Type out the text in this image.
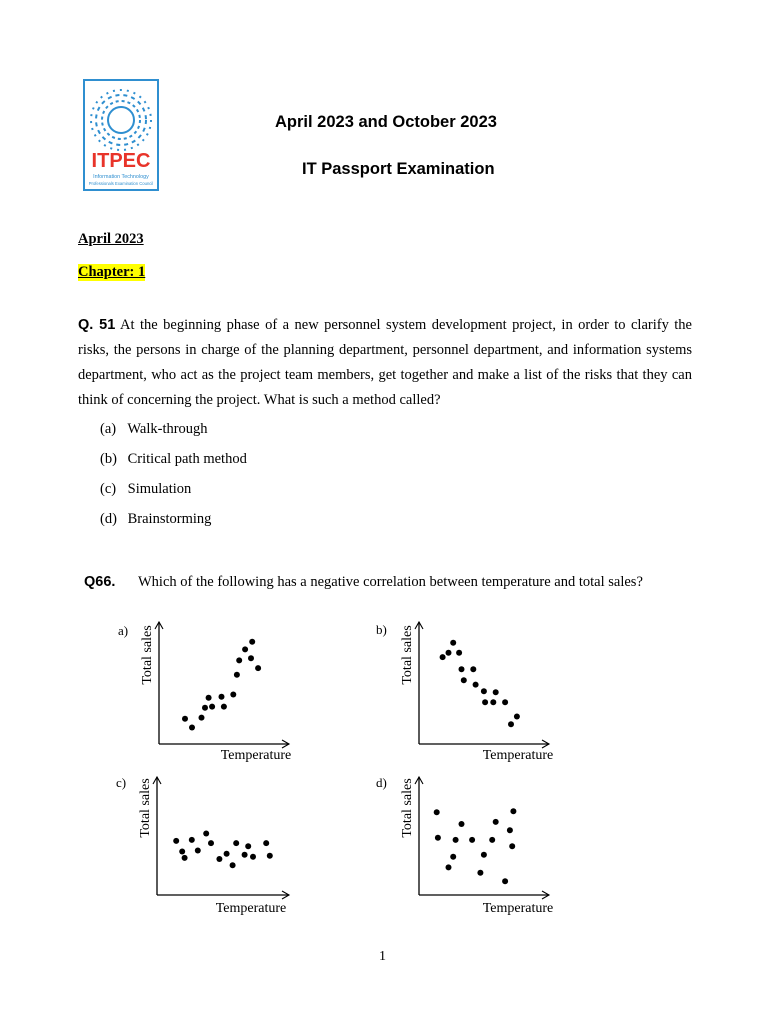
ITPEC
Information Technology
Professionals Examination Council
April 2023 and October 2023
IT Passport Examination
April 2023
Chapter: 1
Q. 51 At the beginning phase of a new personnel system development project, in order to clarify the risks, the persons in charge of the planning department, personnel department, and information systems department, who act as the project team members, get together and make a list of the risks that they can think of concerning the project. What is such a method called?
(a) Walk-through
(b) Critical path method
(c) Simulation
(d) Brainstorming
Q66. Which of the following has a negative correlation between temperature and total sales?
a)
Temperature
Total sales	b)
Temperature
Total sales
c)
Temperature
Total sales	d)
Temperature
Total sales
1
